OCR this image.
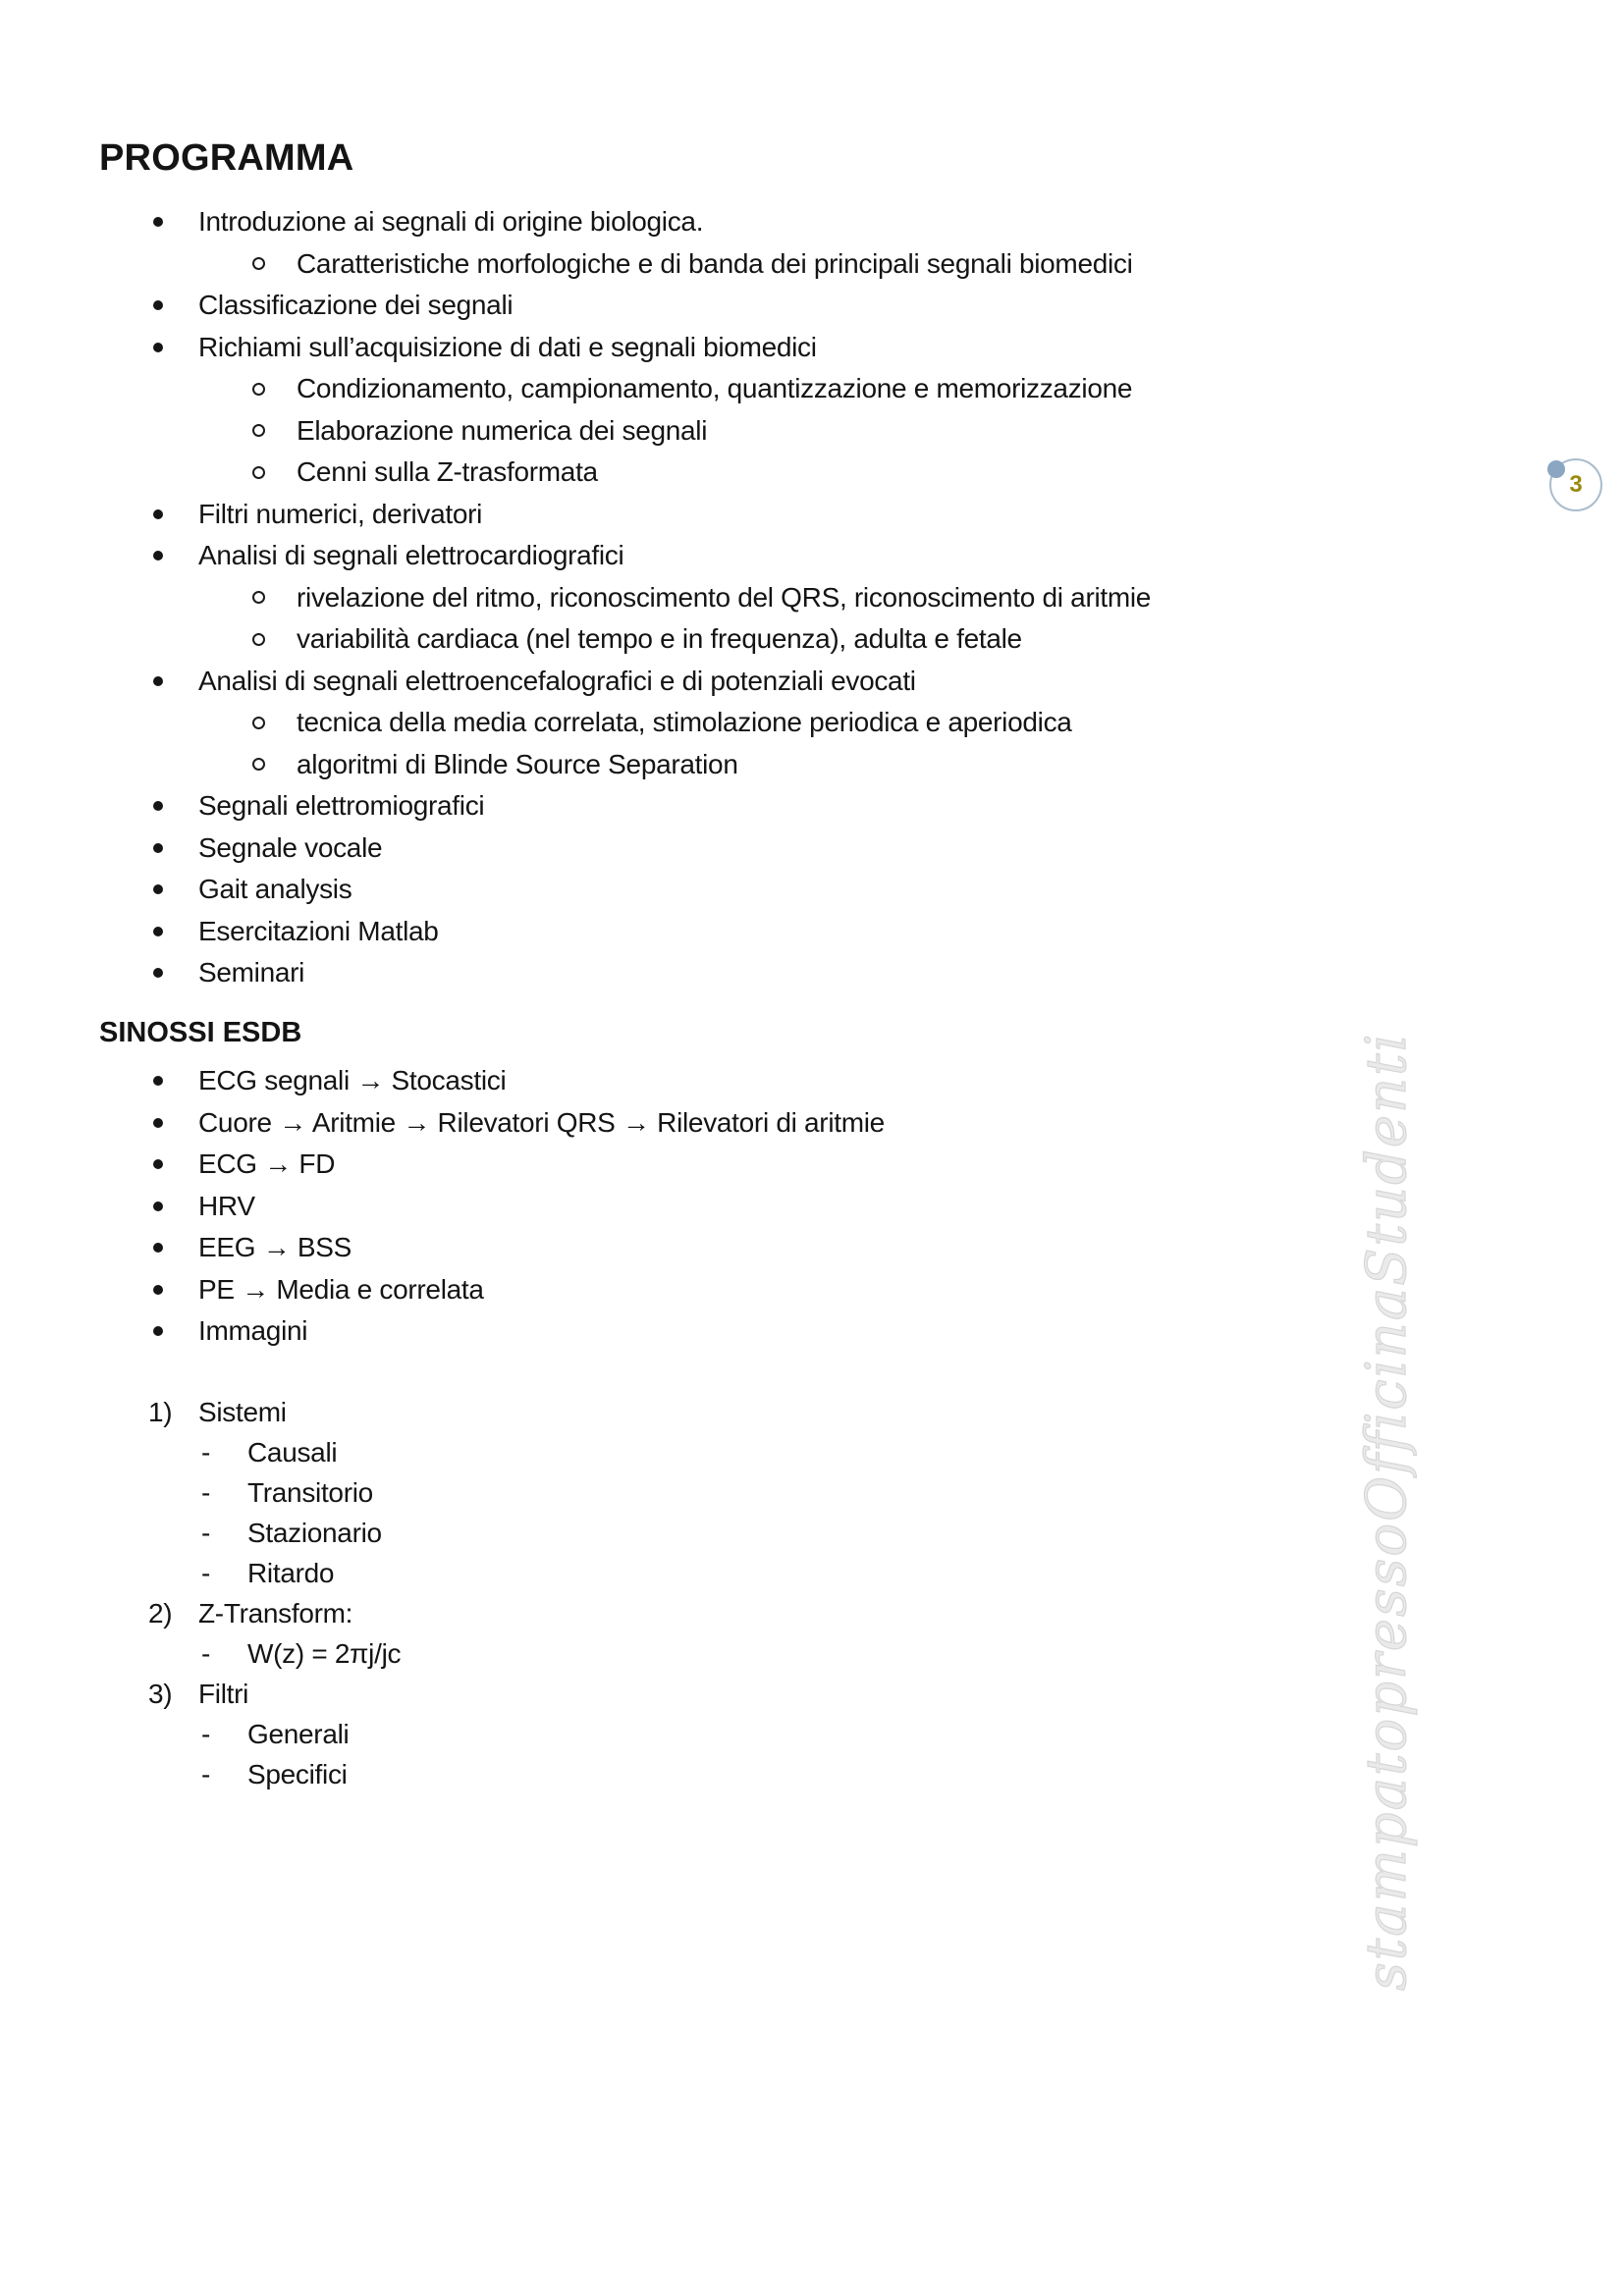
PROGRAMMA
Introduzione ai segnali di origine biologica.
Caratteristiche morfologiche e di banda dei principali segnali biomedici
Classificazione dei segnali
Richiami sull’acquisizione di dati e segnali biomedici
Condizionamento, campionamento, quantizzazione e memorizzazione
Elaborazione numerica dei segnali
Cenni sulla Z-trasformata
Filtri numerici, derivatori
Analisi di segnali elettrocardiografici
rivelazione del ritmo, riconoscimento del QRS, riconoscimento di aritmie
variabilità cardiaca (nel tempo e in frequenza), adulta e fetale
Analisi di segnali elettroencefalografici e di potenziali evocati
tecnica della media correlata, stimolazione periodica e aperiodica
algoritmi di Blinde Source Separation
Segnali elettromiografici
Segnale vocale
Gait analysis
Esercitazioni Matlab
Seminari
SINOSSI ESDB
ECG segnali → Stocastici
Cuore → Aritmie → Rilevatori QRS → Rilevatori di aritmie
ECG → FD
HRV
EEG → BSS
PE → Media e correlata
Immagini
1) Sistemi
- Causali
- Transitorio
- Stazionario
- Ritardo
2) Z-Transform:
- W(z) = 2πj/jc
3) Filtri
- Generali
- Specifici
3
stampatopressoOfficinaStudenti
